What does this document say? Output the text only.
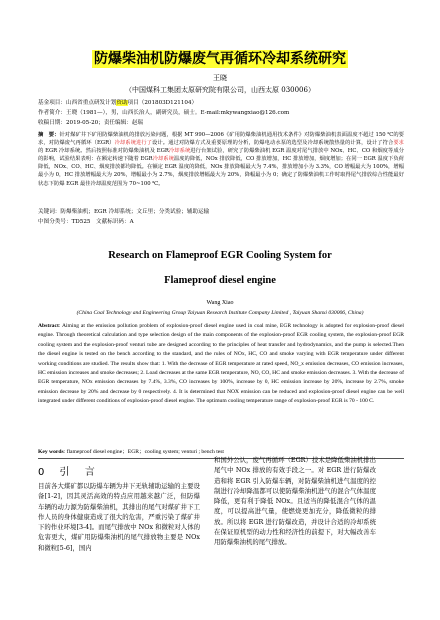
防爆柴油机防爆废气再循环冷却系统研究
王晓
（中国煤科工集团太原研究院有限公司，山西太原 030006）
基金项目：山西省重点研发计划资助项目（201803D121104）
作者简介：王晓（1981—），男，山西长治人，副研究员，硕士。E-mail:mkywangxiao@126.com
收稿日期：2019-05-20；责任编辑：赵瑞
摘　 要：针对煤矿井下矿用防爆柴油机的排放污染问题，根据 MT 990—2006《矿用防爆柴油机通用技术条件》对防爆柴油机表面温度不超过 150 ℃的要求，对防爆废气再循环（EGR）冷却系统进行了设计。通过对防爆方式及重要原理的分析，防爆电动水泵的选型及冷却系统散热量的计算，设计了符合要求的 EGR 冷却系统。然后按照标准对防爆柴油机及 EGR冷却系统进行台架试验，研究了防爆柴油机 EGR 温度对尾气排放中 NOx、HC、CO 和烟度等成分的影响，试验结果表明：在额定转速下随着 EGR冷却系统温度的降低，NOx 排放降低，CO 排放增加，HC 排放增加，烟度增加；在同一 EGR 温度下负荷降低，NOx、CO、HC、烟度排放都均降低。在额定 EGR 温度的降低，NOx 排放降幅最大为 7.4%，排放增加小为 3.3%，CO 增幅最大为 100%，增幅最小为 0，HC 排放增幅最大为 20%，增幅最小为 2.7%，烟度排放增幅最大为 20%，降幅最小为 0；确定了防爆柴油机工作时取得尾气排放综合性能最好状态下防爆 EGR 最佳冷却温度范围为 70~100 ℃。
关键词：防爆柴油机；EGR 冷却系统；文丘里；分类试验；辅助运输
中图分类号：TD525　文献标识码：A
Research on Flameproof EGR Cooling System for
Flameproof diesel engine
Wang Xiao
(China Coal Technology and Engineering Group Taiyuan Research Institute Company Limited , Taiyuan Shanxi 030006, China)
Abstract: Aiming at the emission pollution problem of explosion-proof diesel engine used in coal mine, EGR technology is adopted for explosion-proof diesel engine. Through theoretical calculation and type selection design of the main components of the explosion-proof EGR cooling system, the explosion-proof EGR cooling system and the explosion-proof venturi tube are designed according to the principles of heat transfer and hydrodynamics, and the pump is selected.Then the diesel engine is tested on the bench according to the standard, and the rules of NOx, HC, CO and smoke varying with EGR temperature under different working conditions are studied. The results show that: 1. With the decrease of EGR temperature at rated speed, NO_x emission decreases, CO emission increases, HC emission increases and smoke decreases; 2. Load decreases at the same EGR temperature, NO, CO, HC and smoke emission decreases. 3. With the decrease of EGR temperature, NOx emission decreases by 7.4%, 3.3%, CO increases by 100%, increase by 0, HC emission increase by 20%, increase by 2.7%, smoke emission decrease by 20% and decrease by 0 respectively. 4. It is determined that NOX emission can be reduced and explosion-proof diesel engine can be well integrated under different conditions of explosion-proof diesel engine. The optimum cooling temperature range of explosion-proof EGR is 70 - 100 C.
Key words: flameproof diesel engine；EGR；cooling system; venturi ; bench test
0 引 言
目前各大煤矿都以防爆车辆为井下无轨辅助运输的主要设备[1-2]，因其灵活高效的特点应用越来越广泛，但防爆车辆的动力源为防爆柴油机，其排出的尾气对煤矿井下工作人员的身体健康造成了很大的危害，严重污染了煤矿井下的作业环境[3-4]。而尾气排放中 NOx 和微粒对人体的危害更大，煤矿用防爆柴油机的尾气排放物主要是 NOx 和微粒[5-6]，国内
和国外公认，废气再循环（EGR）技术是降低柴油机排出尾气中 NOx 排放的有效手段之一。对 EGR 进行防爆改造和将 EGR 引入防爆车辆，对防爆柴油机进气温度的控制进行冷却降温都可以使防爆柴油机进气的混合气体温度降低，更有利于降低 NOx。且适当的降低混合气体的温度，可以提高进气量，使燃烧更加充分，降低微粒的排放。所以将 EGR 进行防爆改造，并设计合适的冷却系统在保证原机型的动力性和经济性的前提下，对大幅改善车用防爆柴油机的尾气排放。
